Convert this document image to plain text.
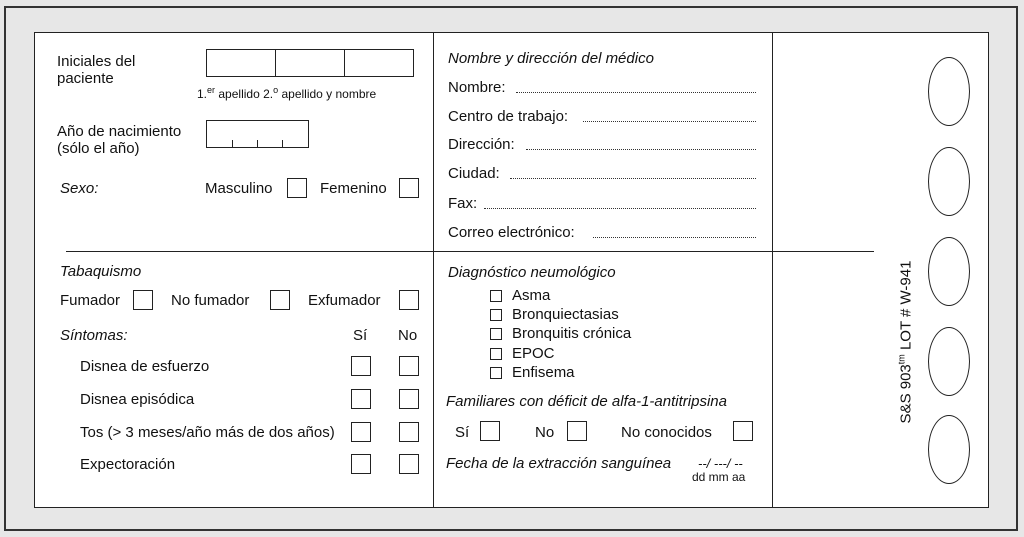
Iniciales del
paciente
1.$^{er}$ apellido 2.$^o$ apellido y nombre
Año de nacimiento
(sólo el año)
Sexo:	Masculino	Femenino
Nombre y dirección del médico
Nombre:
Centro de trabajo:
Dirección:
Ciudad:
Fax:
Correo electrónico:
Tabaquismo
Fumador	No fumador	Exfumador
Síntomas:	Sí No
Disnea de esfuerzo
Disnea episódica
Tos (> 3 meses/año más de dos años)
Expectoración
Diagnóstico neumológico
Asma
Bronquiectasias
Bronquitis crónica
EPOC
Enfisema
Familiares con déficit de alfa-1-antitripsina
Sí	No	No conocidos
Fecha de la extracción sanguínea --/ ---/ --
dd mm aa
S&S $903^{tm}$ LOT # W-941
